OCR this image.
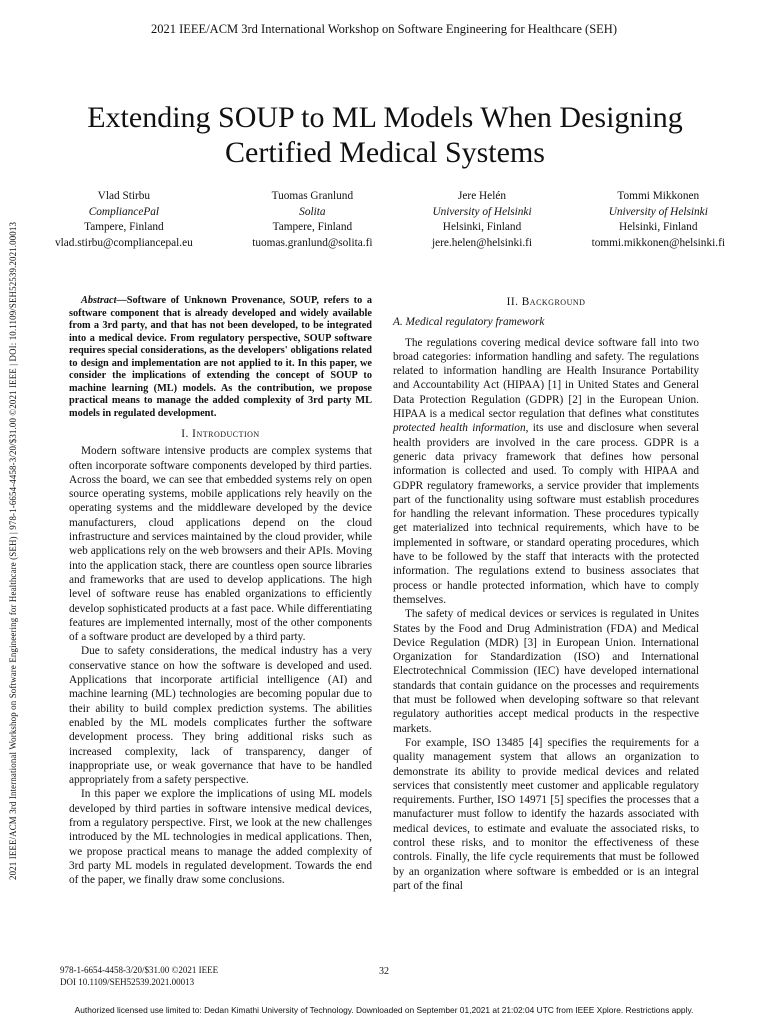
2021 IEEE/ACM 3rd International Workshop on Software Engineering for Healthcare (SEH)
Extending SOUP to ML Models When Designing
Certified Medical Systems
Vlad Stirbu
CompliancePal
Tampere, Finland
vlad.stirbu@compliancepal.eu
Tuomas Granlund
Solita
Tampere, Finland
tuomas.granlund@solita.fi
Jere Helén
University of Helsinki
Helsinki, Finland
jere.helen@helsinki.fi
Tommi Mikkonen
University of Helsinki
Helsinki, Finland
tommi.mikkonen@helsinki.fi
2021 IEEE/ACM 3rd International Workshop on Software Engineering for Healthcare (SEH) | 978-1-6654-4458-3/20/$31.00 ©2021 IEEE | DOI: 10.1109/SEH52539.2021.00013	Abstract—Software of Unknown Provenance, SOUP, refers to a software component that is already developed and widely available from a 3rd party, and that has not been developed, to be integrated into a medical device. From regulatory perspective, SOUP software requires special considerations, as the developers' obligations related to design and implementation are not applied to it. In this paper, we consider the implications of extending the concept of SOUP to machine learning (ML) models. As the contribution, we propose practical means to manage the added complexity of 3rd party ML models in regulated development.

I. Introduction

Modern software intensive products are complex systems that often incorporate software components developed by third parties. Across the board, we can see that embedded systems rely on open source operating systems, mobile applications rely heavily on the operating systems and the middleware developed by the device manufacturers, cloud applications depend on the cloud infrastructure and services maintained by the cloud provider, while web applications rely on the web browsers and their APIs. Moving into the application stack, there are countless open source libraries and frameworks that are used to develop applications. The high level of software reuse has enabled organizations to efficiently develop sophisticated products at a fast pace. While differentiating features are implemented internally, most of the other components of a software product are developed by a third party.

Due to safety considerations, the medical industry has a very conservative stance on how the software is developed and used. Applications that incorporate artificial intelligence (AI) and machine learning (ML) technologies are becoming popular due to their ability to build complex prediction systems. The abilities enabled by the ML models complicates further the software development process. They bring additional risks such as increased complexity, lack of transparency, danger of inappropriate use, or weak governance that have to be handled appropriately from a safety perspective.

In this paper we explore the implications of using ML models developed by third parties in software intensive medical devices, from a regulatory perspective. First, we look at the new challenges introduced by the ML technologies in medical applications. Then, we propose practical means to manage the added complexity of 3rd party ML models in regulated development. Towards the end of the paper, we finally draw some conclusions.

II. Background
A. Medical regulatory framework

The regulations covering medical device software fall into two broad categories: information handling and safety. The regulations related to information handling are Health Insurance Portability and Accountability Act (HIPAA) [1] in United States and General Data Protection Regulation (GDPR) [2] in the European Union. HIPAA is a medical sector regulation that defines what constitutes protected health information, its use and disclosure when several health providers are involved in the care process. GDPR is a generic data privacy framework that defines how personal information is collected and used. To comply with HIPAA and GDPR regulatory frameworks, a service provider that implements part of the functionality using software must establish procedures for handling the relevant information. These procedures typically get materialized into technical requirements, which have to be implemented in software, or standard operating procedures, which have to be followed by the staff that interacts with the protected information. The regulations extend to business associates that process or handle protected information, which have to comply themselves.

The safety of medical devices or services is regulated in Unites States by the Food and Drug Administration (FDA) and Medical Device Regulation (MDR) [3] in European Union. International Organization for Standardization (ISO) and International Electrotechnical Commission (IEC) have developed international standards that contain guidance on the processes and requirements that must be followed when developing software so that relevant regulatory authorities accept medical products in the respective markets.

For example, ISO 13485 [4] specifies the requirements for a quality management system that allows an organization to demonstrate its ability to provide medical devices and related services that consistently meet customer and applicable regulatory requirements. Further, ISO 14971 [5] specifies the processes that a manufacturer must follow to identify the hazards associated with medical devices, to estimate and evaluate the associated risks, to control these risks, and to monitor the effectiveness of these controls. Finally, the life cycle requirements that must be followed by an organization where software is embedded or is an integral part of the final

978-1-6654-4458-3/20/$31.00 ©2021 IEEE
DOI 10.1109/SEH52539.2021.00013
32
Authorized licensed use limited to: Dedan Kimathi University of Technology. Downloaded on September 01,2021 at 21:02:04 UTC from IEEE Xplore. Restrictions apply.
